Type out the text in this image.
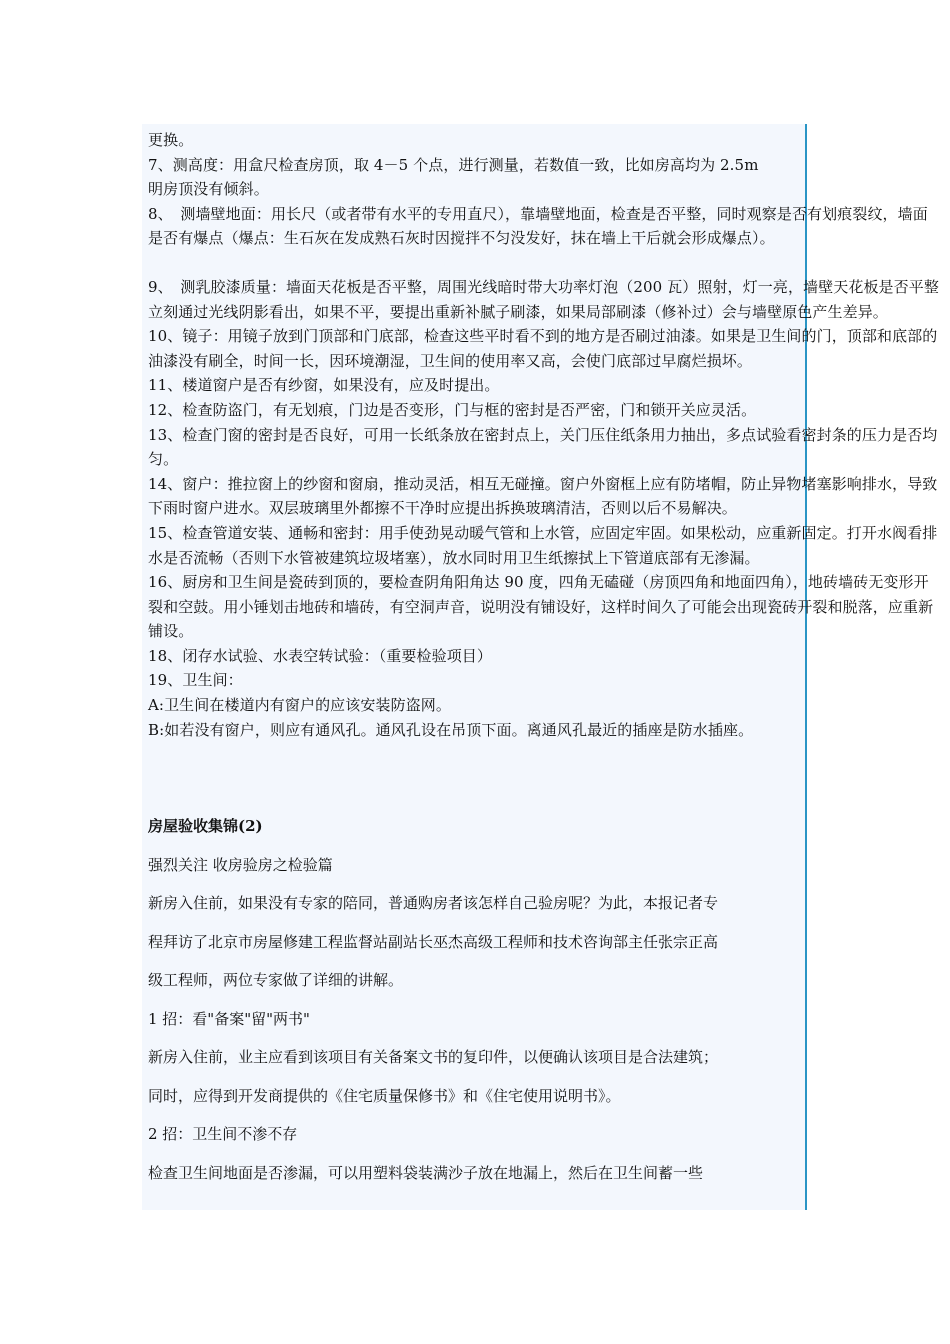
更换。

7、测高度：用盒尺检查房顶，取 4－5 个点，进行测量，若数值一致，比如房高均为 2.5m

明房顶没有倾斜。

8、　测墙壁地面：用长尺（或者带有水平的专用直尺），靠墙壁地面，检查是否平整，同时观察是否有划痕裂纹，墙面是否有爆点（爆点：生石灰在发成熟石灰时因搅拌不匀没发好，抹在墙上干后就会形成爆点）。

9、　测乳胶漆质量：墙面天花板是否平整，周围光线暗时带大功率灯泡（200 瓦）照射，灯一亮，墙壁天花板是否平整立刻通过光线阴影看出，如果不平，要提出重新补腻子刷漆，如果局部刷漆（修补过）会与墙壁原色产生差异。

10、镜子：用镜子放到门顶部和门底部，检查这些平时看不到的地方是否刷过油漆。如果是卫生间的门，顶部和底部的油漆没有刷全，时间一长，因环境潮湿，卫生间的使用率又高，会使门底部过早腐烂损坏。

11、楼道窗户是否有纱窗，如果没有，应及时提出。

12、检查防盗门，有无划痕，门边是否变形，门与框的密封是否严密，门和锁开关应灵活。

13、检查门窗的密封是否良好，可用一长纸条放在密封点上，关门压住纸条用力抽出，多点试验看密封条的压力是否均匀。

14、窗户：推拉窗上的纱窗和窗扇，推动灵活，相互无碰撞。窗户外窗框上应有防堵帽，防止异物堵塞影响排水，导致下雨时窗户进水。双层玻璃里外都擦不干净时应提出拆换玻璃清洁，否则以后不易解决。

15、检查管道安装、通畅和密封：用手使劲晃动暖气管和上水管，应固定牢固。如果松动，应重新固定。打开水阀看排水是否流畅（否则下水管被建筑垃圾堵塞），放水同时用卫生纸擦拭上下管道底部有无渗漏。

16、厨房和卫生间是瓷砖到顶的，要检查阴角阳角达 90 度，四角无磕碰（房顶四角和地面四角），地砖墙砖无变形开裂和空鼓。用小锤划击地砖和墙砖，有空洞声音，说明没有铺设好，这样时间久了可能会出现瓷砖开裂和脱落，应重新铺设。

18、闭存水试验、水表空转试验：（重要检验项目）

19、卫生间：

A:卫生间在楼道内有窗户的应该安装防盗网。

B:如若没有窗户，则应有通风孔。通风孔设在吊顶下面。离通风孔最近的插座是防水插座。

房屋验收集锦(2)

强烈关注 收房验房之检验篇

新房入住前，如果没有专家的陪同，普通购房者该怎样自己验房呢？为此，本报记者专

程拜访了北京市房屋修建工程监督站副站长巫杰高级工程师和技术咨询部主任张宗正高

级工程师，两位专家做了详细的讲解。

1 招：看"备案"留"两书"

新房入住前，业主应看到该项目有关备案文书的复印件，以便确认该项目是合法建筑；

同时，应得到开发商提供的《住宅质量保修书》和《住宅使用说明书》。

2 招：卫生间不渗不存

检查卫生间地面是否渗漏，可以用塑料袋装满沙子放在地漏上，然后在卫生间蓄一些
